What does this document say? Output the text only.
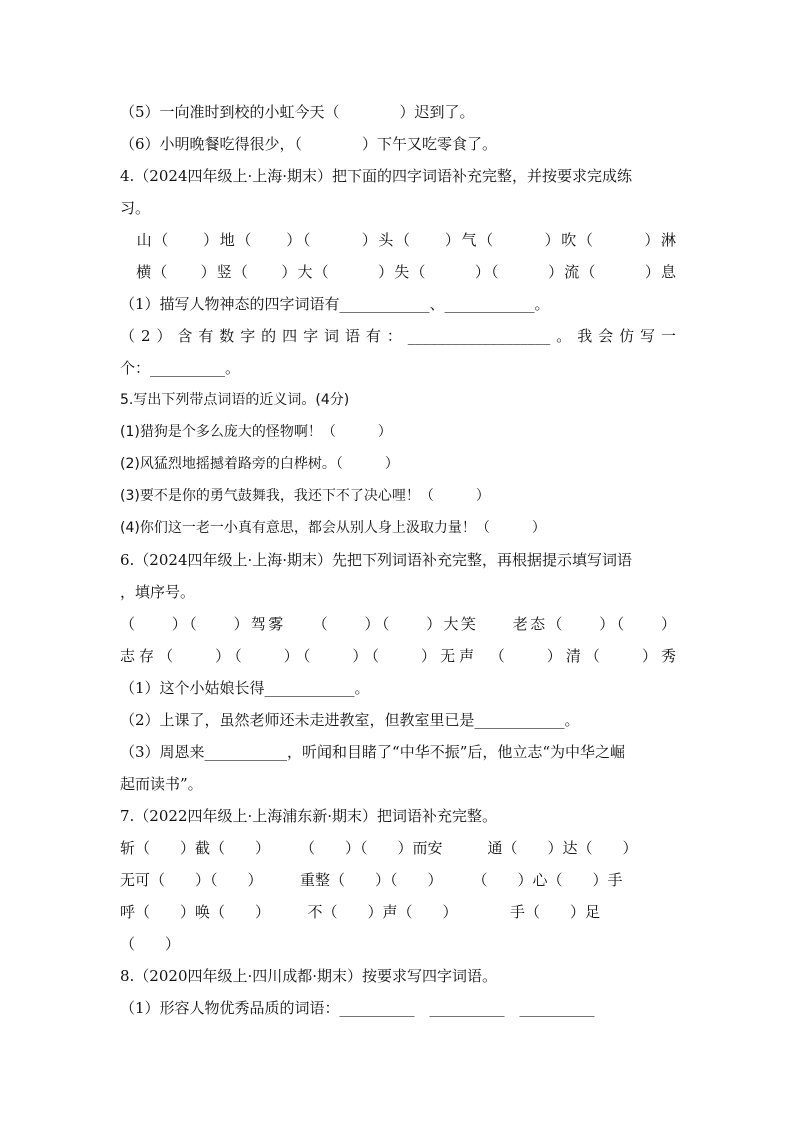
（5）一向准时到校的小虹今天（　　　　）迟到了。
（6）小明晚餐吃得很少，（　　　　）下午又吃零食了。
4.（2024四年级上·上海·期末）把下面的四字词语补充完整，并按要求完成练
习。
　山（　　）地（　　）（　　　）头（　　）气（　　　）吹（　　　）淋
　横（　　）竖（　　）大（　　　）失（　　　）（　　　）流（　　　）息
（1）描写人物神态的四字词语有____________、____________。
（2）含有数字的四字词语有：___________________。我会仿写一
个：__________。
5.写出下列带点词语的近义词。(4分)
(1)猎狗是个多么庞大的怪物啊！（　　　）
(2)风猛烈地摇撼着路旁的白桦树。（　　　）
(3)要不是你的勇气鼓舞我，我还下不了决心哩！（　　　）
(4)你们这一老一小真有意思，都会从别人身上汲取力量！（　　　）
6.（2024四年级上·上海·期末）先把下列词语补充完整，再根据提示填写词语
，填序号。
（　　）（　　）驾雾　　（　　）（　　）大笑　　老态（　　）（　　）
志存（　　）（　　）（　　）（　　）无声　（　　）清（　　）秀
（1）这个小姑娘长得____________。
（2）上课了，虽然老师还未走进教室，但教室里已是____________。
（3）周恩来___________，听闻和目睹了“中华不振”后，他立志“为中华之崛
起而读书”。
7.（2022四年级上·上海浦东新·期末）把词语补充完整。
斩（　　）截（　　）　　　（　　）（　　）而安　　　通（　　）达（　　）
无可（　　）（　　）　　　重整（　　）（　　）　　　（　　）心（　　）手
呼（　　）唤（　　）　　　不（　　）声（　　）　　　　手（　　）足
（　　）
8.（2020四年级上·四川成都·期末）按要求写四字词语。
（1）形容人物优秀品质的词语：__________　__________　__________
